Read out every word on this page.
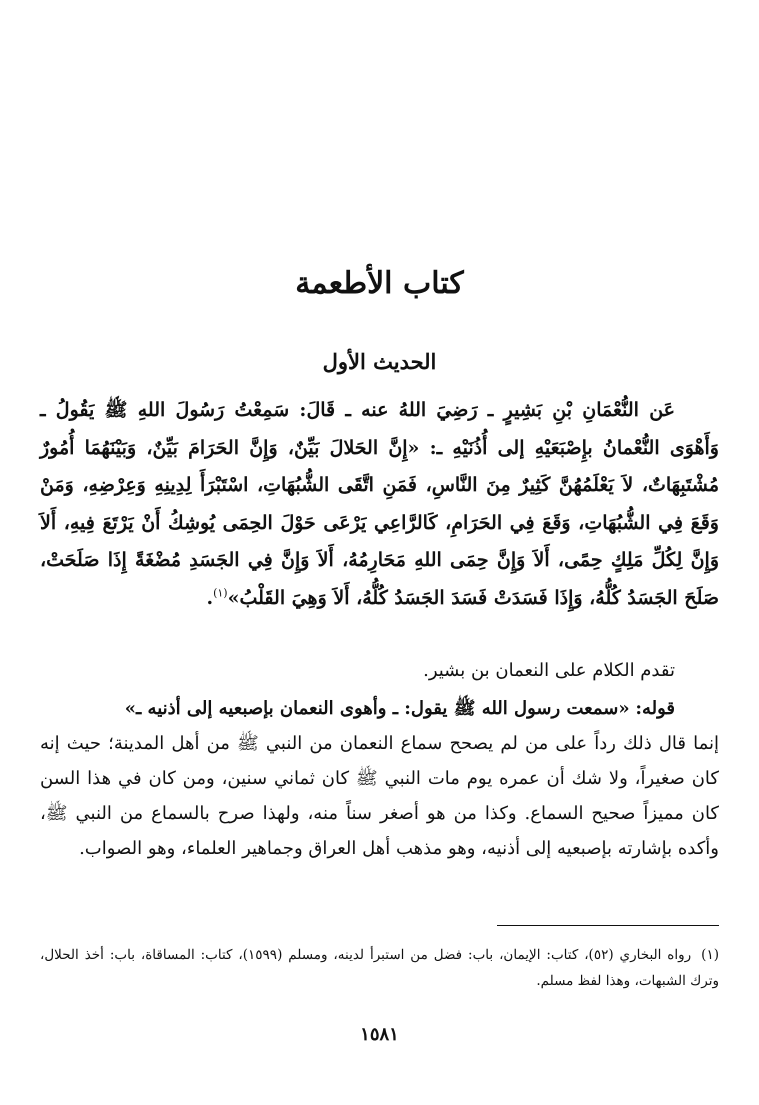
كتاب الأطعمة
الحديث الأول

عَن النُّعْمَانِ بْنِ بَشِيرٍ ـ رَضِيَ اللهُ عنه ـ قَالَ: سَمِعْتُ رَسُولَ اللهِ ﷺ يَقُولُ ـ وَأَهْوَى النُّعْمانُ بإِصْبَعَيْهِ إلى أُذُنَيْهِ ـ: «إِنَّ الحَلالَ بَيِّنٌ، وَإِنَّ الحَرَامَ بَيِّنٌ، وَبَيْنَهُمَا أُمُورٌ مُشْتَبِهَاتٌ، لاَ يَعْلَمُهُنَّ كَثِيرٌ مِنَ النَّاسِ، فَمَنِ اتَّقَى الشُّبُهَاتِ، اسْتَبْرَأَ لِدِينِهِ وَعِرْضِهِ، وَمَنْ وَقَعَ فِي الشُّبُهَاتِ، وَقَعَ فِي الحَرَامِ، كَالرَّاعِي يَرْعَى حَوْلَ الحِمَى يُوشِكُ أَنْ يَرْتَعَ فِيهِ، أَلاَ وَإِنَّ لِكُلِّ مَلِكٍ حِمًى، أَلاَ وَإِنَّ حِمَى اللهِ مَحَارِمُهُ، أَلاَ وَإِنَّ فِي الجَسَدِ مُضْغَةً إِذَا صَلَحَتْ، صَلَحَ الجَسَدُ كُلُّهُ، وَإِذَا فَسَدَتْ فَسَدَ الجَسَدُ كُلُّهُ، أَلاَ وَهِيَ القَلْبُ»$^{(١)}$.

تقدم الكلام على النعمان بن بشير.

قوله: «سمعت رسول الله ﷺ يقول: ـ وأهوى النعمان بإصبعيه إلى أذنيه ـ»

إنما قال ذلك رداً على من لم يصحح سماع النعمان من النبي ﷺ من أهل المدينة؛ حيث إنه كان صغيراً، ولا شك أن عمره يوم مات النبي ﷺ كان ثماني سنين، ومن كان في هذا السن كان مميزاً صحيح السماع. وكذا من هو أصغر سناً منه، ولهذا صرح بالسماع من النبي ﷺ، وأكده بإشارته بإصبعيه إلى أذنيه، وهو مذهب أهل العراق وجماهير العلماء، وهو الصواب.

(١)رواه البخاري (٥٢)، كتاب: الإيمان، باب: فضل من استبرأ لدينه، ومسلم (١٥٩٩)، كتاب: المساقاة، باب: أخذ الحلال، وترك الشبهات، وهذا لفظ مسلم.

١٥٨١
